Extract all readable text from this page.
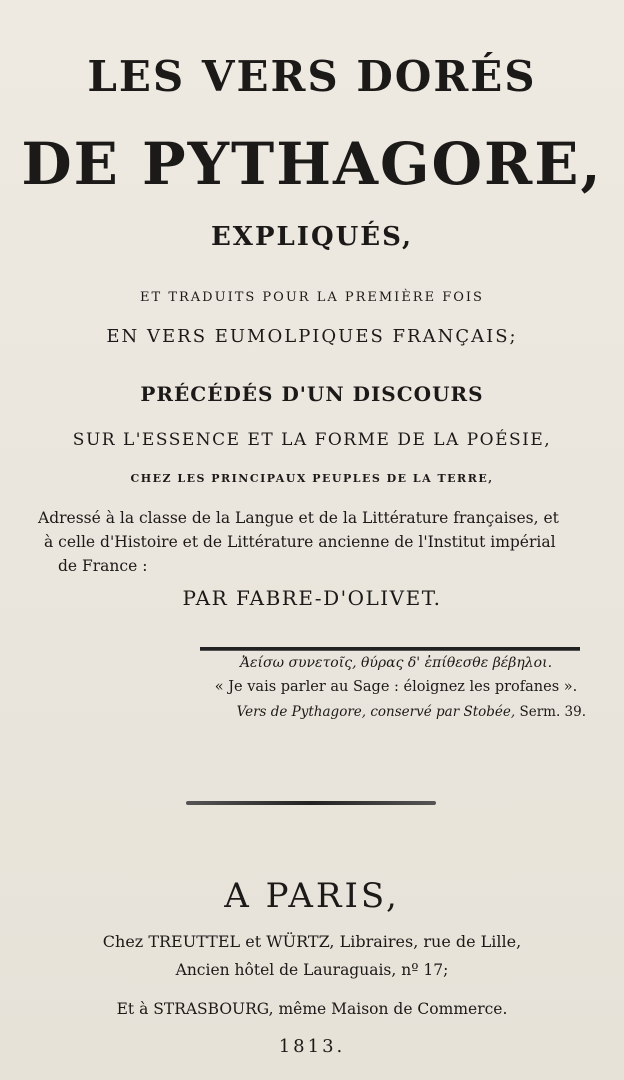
LES VERS DORÉS
DE PYTHAGORE,
EXPLIQUÉS,
ET TRADUITS POUR LA PREMIÈRE FOIS
EN VERS EUMOLPIQUES FRANÇAIS;
PRÉCÉDÉS D'UN DISCOURS
SUR L'ESSENCE ET LA FORME DE LA POÉSIE,
CHEZ LES PRINCIPAUX PEUPLES DE LA TERRE,
Adressé à la classe de la Langue et de la Littérature françaises, et
à celle d'Histoire et de Littérature ancienne de l'Institut impérial
de France :
PAR FABRE-D'OLIVET.
Ἀείσω συνετοῖς, θύρας δ' ἐπίθεσθε βέβηλοι.
« Je vais parler au Sage : éloignez les profanes ».
Vers de Pythagore, conservé par Stobée, Serm. 39.
A PARIS,
Chez TREUTTEL et WÜRTZ, Libraires, rue de Lille,
Ancien hôtel de Lauraguais, nº 17;
Et à STRASBOURG, même Maison de Commerce.
1813.
